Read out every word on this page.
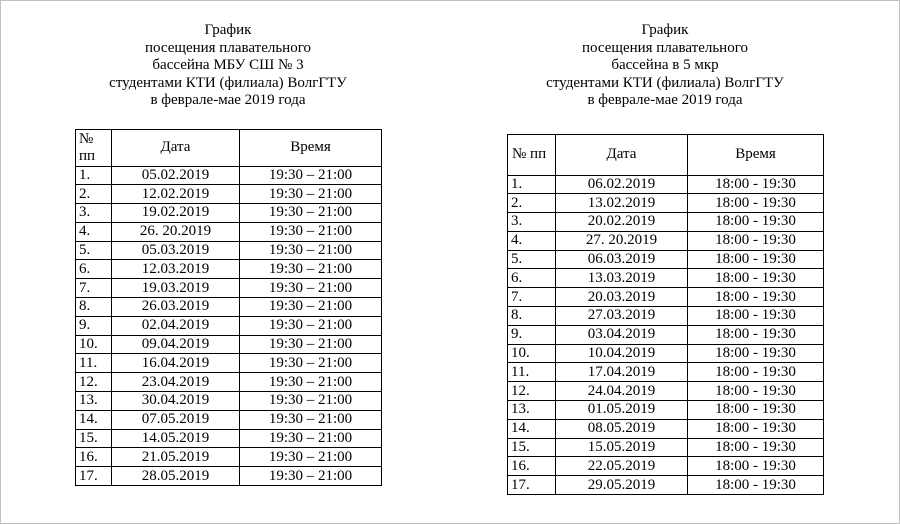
График
посещения плавательного
бассейна МБУ СШ № 3
студентами КТИ (филиала) ВолгГТУ
в феврале-мае 2019 года

№
пп	Дата	Время
1.	05.02.2019	19:30 – 21:00
2.	12.02.2019	19:30 – 21:00
3.	19.02.2019	19:30 – 21:00
4.	26. 20.2019	19:30 – 21:00
5.	05.03.2019	19:30 – 21:00
6.	12.03.2019	19:30 – 21:00
7.	19.03.2019	19:30 – 21:00
8.	26.03.2019	19:30 – 21:00
9.	02.04.2019	19:30 – 21:00
10.	09.04.2019	19:30 – 21:00
11.	16.04.2019	19:30 – 21:00
12.	23.04.2019	19:30 – 21:00
13.	30.04.2019	19:30 – 21:00
14.	07.05.2019	19:30 – 21:00
15.	14.05.2019	19:30 – 21:00
16.	21.05.2019	19:30 – 21:00
17.	28.05.2019	19:30 – 21:00

График
посещения плавательного
бассейна в 5 мкр
студентами КТИ (филиала) ВолгГТУ
в феврале-мае 2019 года

№ пп	Дата	Время
1.	06.02.2019	18:00 - 19:30
2.	13.02.2019	18:00 - 19:30
3.	20.02.2019	18:00 - 19:30
4.	27. 20.2019	18:00 - 19:30
5.	06.03.2019	18:00 - 19:30
6.	13.03.2019	18:00 - 19:30
7.	20.03.2019	18:00 - 19:30
8.	27.03.2019	18:00 - 19:30
9.	03.04.2019	18:00 - 19:30
10.	10.04.2019	18:00 - 19:30
11.	17.04.2019	18:00 - 19:30
12.	24.04.2019	18:00 - 19:30
13.	01.05.2019	18:00 - 19:30
14.	08.05.2019	18:00 - 19:30
15.	15.05.2019	18:00 - 19:30
16.	22.05.2019	18:00 - 19:30
17.	29.05.2019	18:00 - 19:30
